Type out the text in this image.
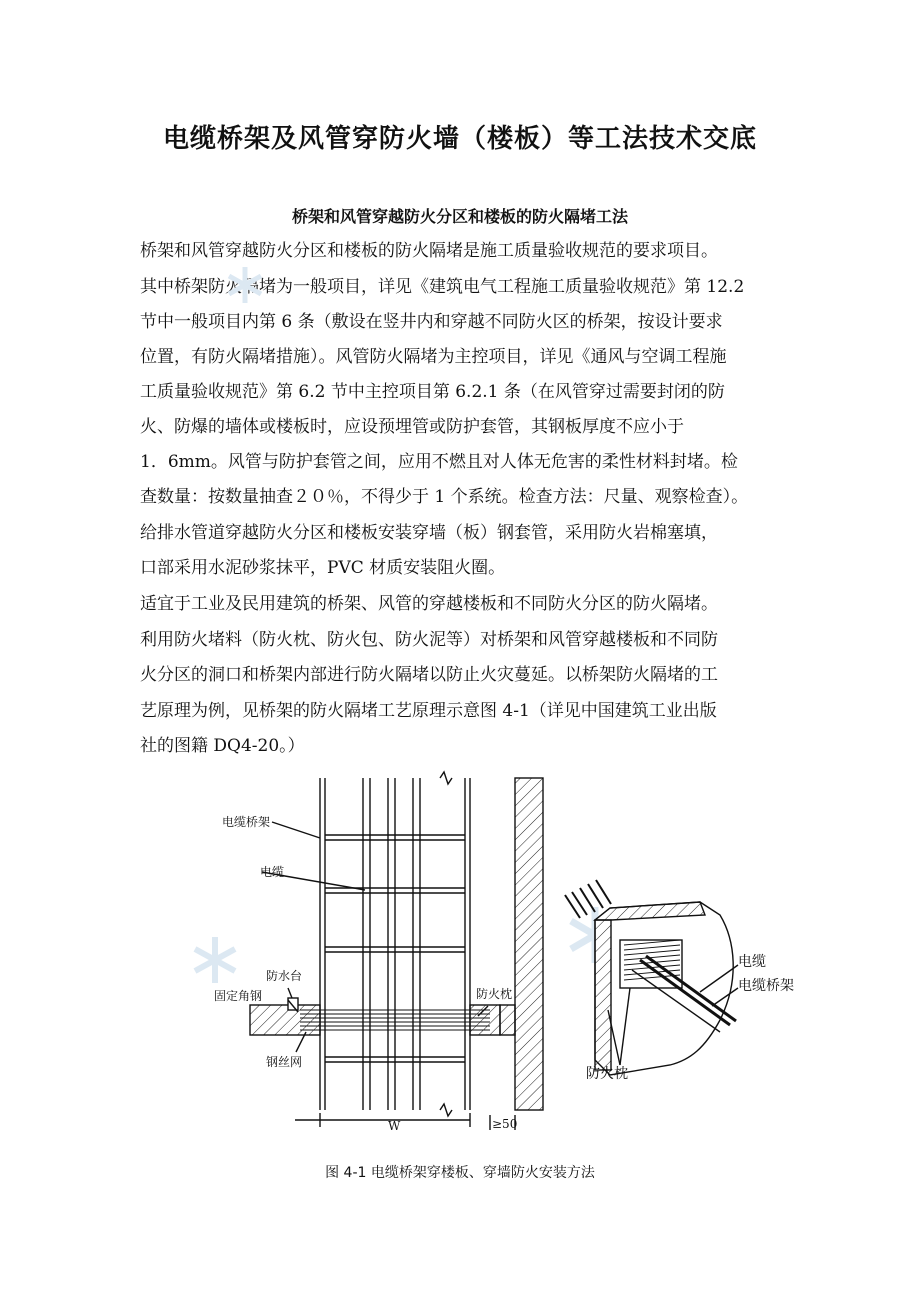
电缆桥架及风管穿防火墙（楼板）等工法技术交底
桥架和风管穿越防火分区和楼板的防火隔堵工法
桥架和风管穿越防火分区和楼板的防火隔堵是施工质量验收规范的要求项目。
其中桥架防火隔堵为一般项目，详见《建筑电气工程施工质量验收规范》第 12.2
节中一般项目内第 6 条（敷设在竖井内和穿越不同防火区的桥架，按设计要求
位置，有防火隔堵措施）。风管防火隔堵为主控项目，详见《通风与空调工程施
工质量验收规范》第 6.2 节中主控项目第 6.2.1 条（在风管穿过需要封闭的防
火、防爆的墙体或楼板时，应设预埋管或防护套管，其钢板厚度不应小于
1．6mm。风管与防护套管之间，应用不燃且对人体无危害的柔性材料封堵。检
查数量：按数量抽查２０％，不得少于 1 个系统。检查方法：尺量、观察检查）。
给排水管道穿越防火分区和楼板安装穿墙（板）钢套管，采用防火岩棉塞填，
口部采用水泥砂浆抹平，PVC 材质安装阻火圈。
适宜于工业及民用建筑的桥架、风管的穿越楼板和不同防火分区的防火隔堵。
利用防火堵料（防火枕、防火包、防火泥等）对桥架和风管穿越楼板和不同防
火分区的洞口和桥架内部进行防火隔堵以防止火灾蔓延。以桥架防火隔堵的工
艺原理为例，见桥架的防火隔堵工艺原理示意图 4-1（详见中国建筑工业出版
社的图籍 DQ4-20。）
电缆桥架
电缆
防水台
固定角钢
钢丝网
防火枕
W	≥50
电缆
电缆桥架
防火枕
图 4-1 电缆桥架穿楼板、穿墙防火安装方法
